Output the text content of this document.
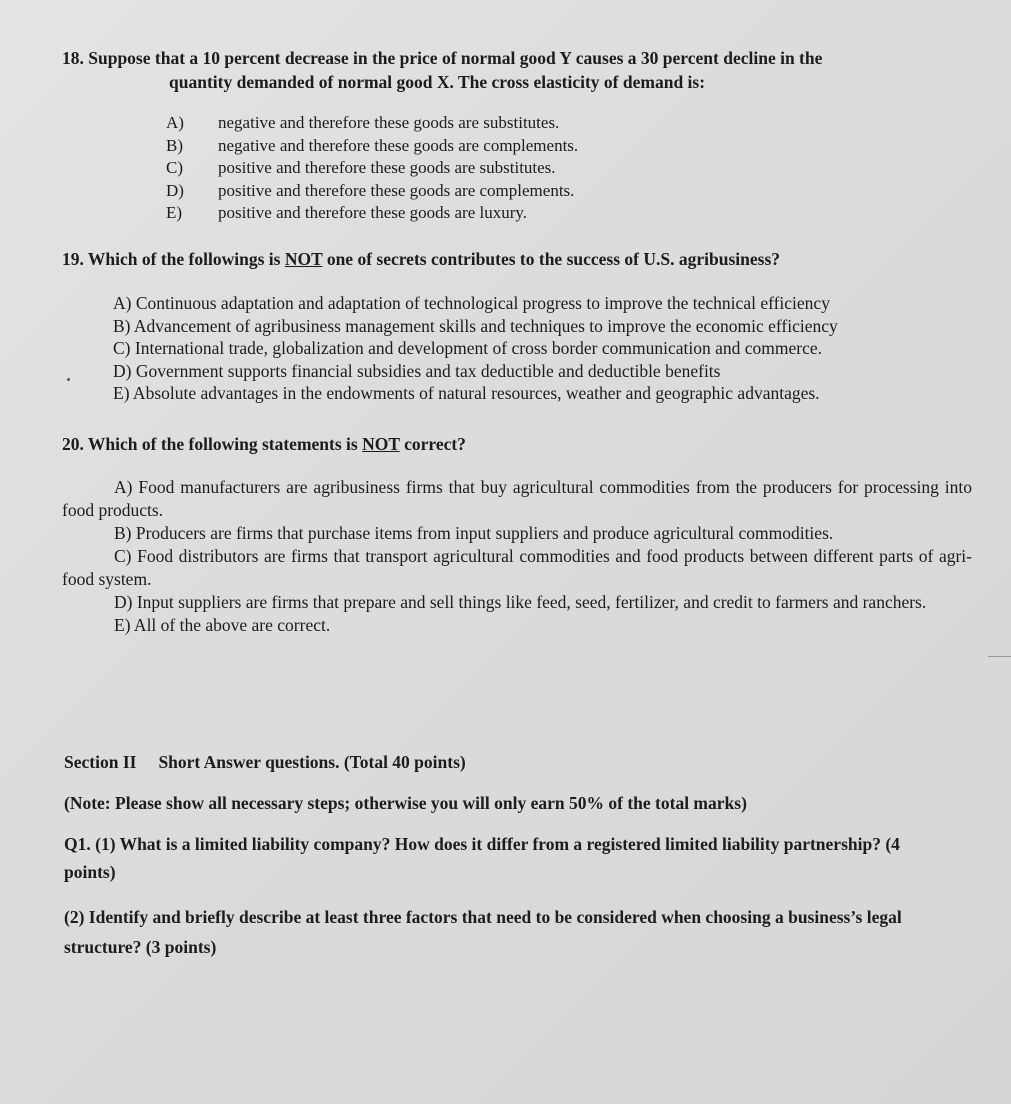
18. Suppose that a 10 percent decrease in the price of normal good Y causes a 30 percent decline in the
quantity demanded of normal good X. The cross elasticity of demand is:
A)	negative and therefore these goods are substitutes.
B)	negative and therefore these goods are complements.
C)	positive and therefore these goods are substitutes.
D)	positive and therefore these goods are complements.
E)	positive and therefore these goods are luxury.
19. Which of the followings is NOT one of secrets contributes to the success of U.S. agribusiness?
A) Continuous adaptation and adaptation of technological progress to improve the technical efficiency
B) Advancement of agribusiness management skills and techniques to improve the economic efficiency
C) International trade, globalization and development of cross border communication and commerce.
D) Government supports financial subsidies and tax deductible and deductible benefits
E) Absolute advantages in the endowments of natural resources, weather and geographic advantages.
20. Which of the following statements is NOT correct?
A) Food manufacturers are agribusiness firms that buy agricultural commodities from the producers for processing into food products.
B) Producers are firms that purchase items from input suppliers and produce agricultural commodities.
C) Food distributors are firms that transport agricultural commodities and food products between different parts of agri-food system.
D) Input suppliers are firms that prepare and sell things like feed, seed, fertilizer, and credit to farmers and ranchers.
E) All of the above are correct.
Section II Short Answer questions. (Total 40 points)
(Note: Please show all necessary steps; otherwise you will only earn 50% of the total marks)
Q1. (1) What is a limited liability company? How does it differ from a registered limited liability partnership? (4 points)
(2) Identify and briefly describe at least three factors that need to be considered when choosing a business’s legal structure? (3 points)
